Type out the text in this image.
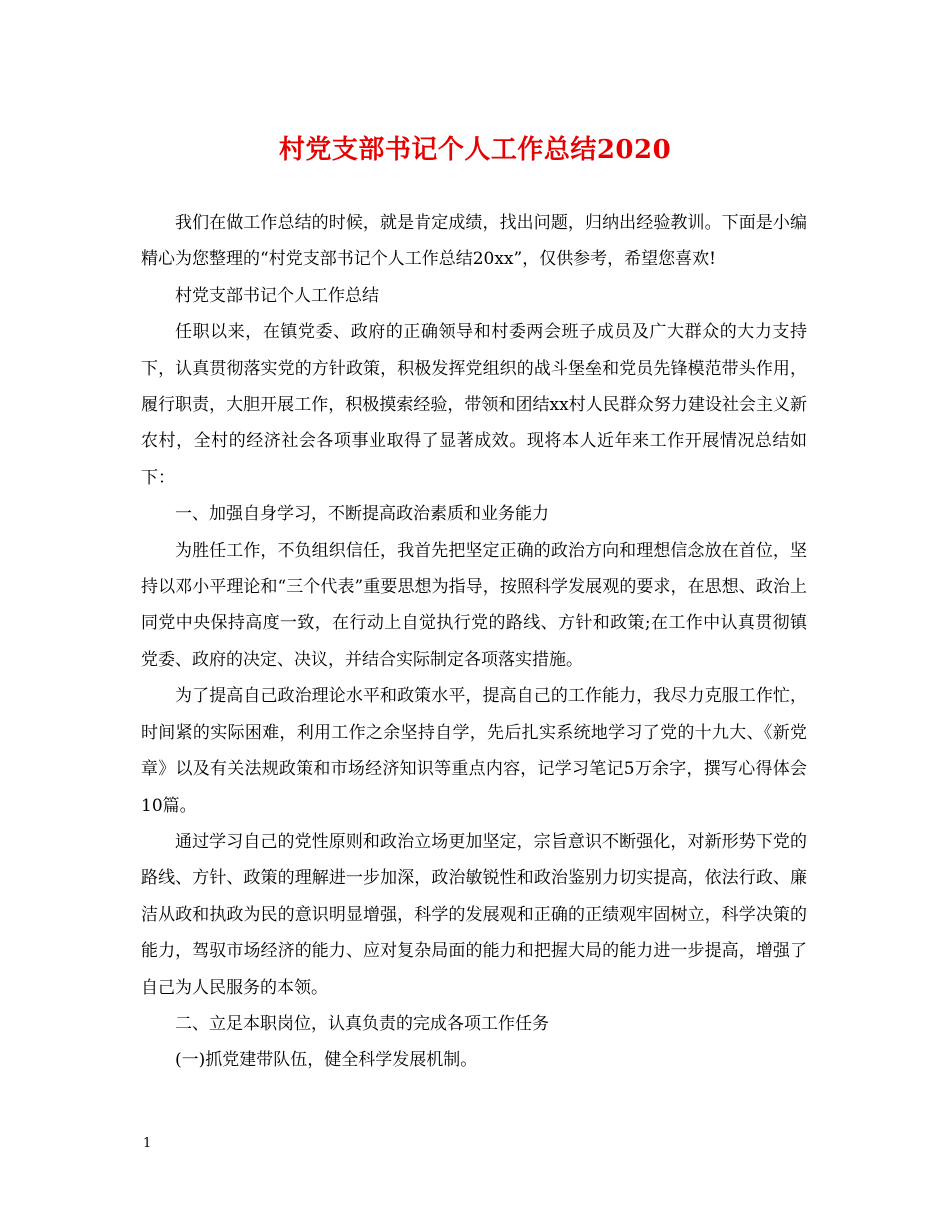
村党支部书记个人工作总结2020

我们在做工作总结的时候，就是肯定成绩，找出问题，归纳出经验教训。下面是小编精心为您整理的“村党支部书记个人工作总结20xx”，仅供参考，希望您喜欢!

村党支部书记个人工作总结

任职以来，在镇党委、政府的正确领导和村委两会班子成员及广大群众的大力支持下，认真贯彻落实党的方针政策，积极发挥党组织的战斗堡垒和党员先锋模范带头作用，履行职责，大胆开展工作，积极摸索经验，带领和团结xx村人民群众努力建设社会主义新农村，全村的经济社会各项事业取得了显著成效。现将本人近年来工作开展情况总结如下：

一、加强自身学习，不断提高政治素质和业务能力

为胜任工作，不负组织信任，我首先把坚定正确的政治方向和理想信念放在首位，坚持以邓小平理论和“三个代表”重要思想为指导，按照科学发展观的要求，在思想、政治上同党中央保持高度一致，在行动上自觉执行党的路线、方针和政策;在工作中认真贯彻镇党委、政府的决定、决议，并结合实际制定各项落实措施。

为了提高自己政治理论水平和政策水平，提高自己的工作能力，我尽力克服工作忙，时间紧的实际困难，利用工作之余坚持自学，先后扎实系统地学习了党的十九大、《新党章》以及有关法规政策和市场经济知识等重点内容，记学习笔记5万余字，撰写心得体会10篇。

通过学习自己的党性原则和政治立场更加坚定，宗旨意识不断强化，对新形势下党的路线、方针、政策的理解进一步加深，政治敏锐性和政治鉴别力切实提高，依法行政、廉洁从政和执政为民的意识明显增强，科学的发展观和正确的正绩观牢固树立，科学决策的能力，驾驭市场经济的能力、应对复杂局面的能力和把握大局的能力进一步提高，增强了自己为人民服务的本领。

二、立足本职岗位，认真负责的完成各项工作任务

(一)抓党建带队伍，健全科学发展机制。

1
